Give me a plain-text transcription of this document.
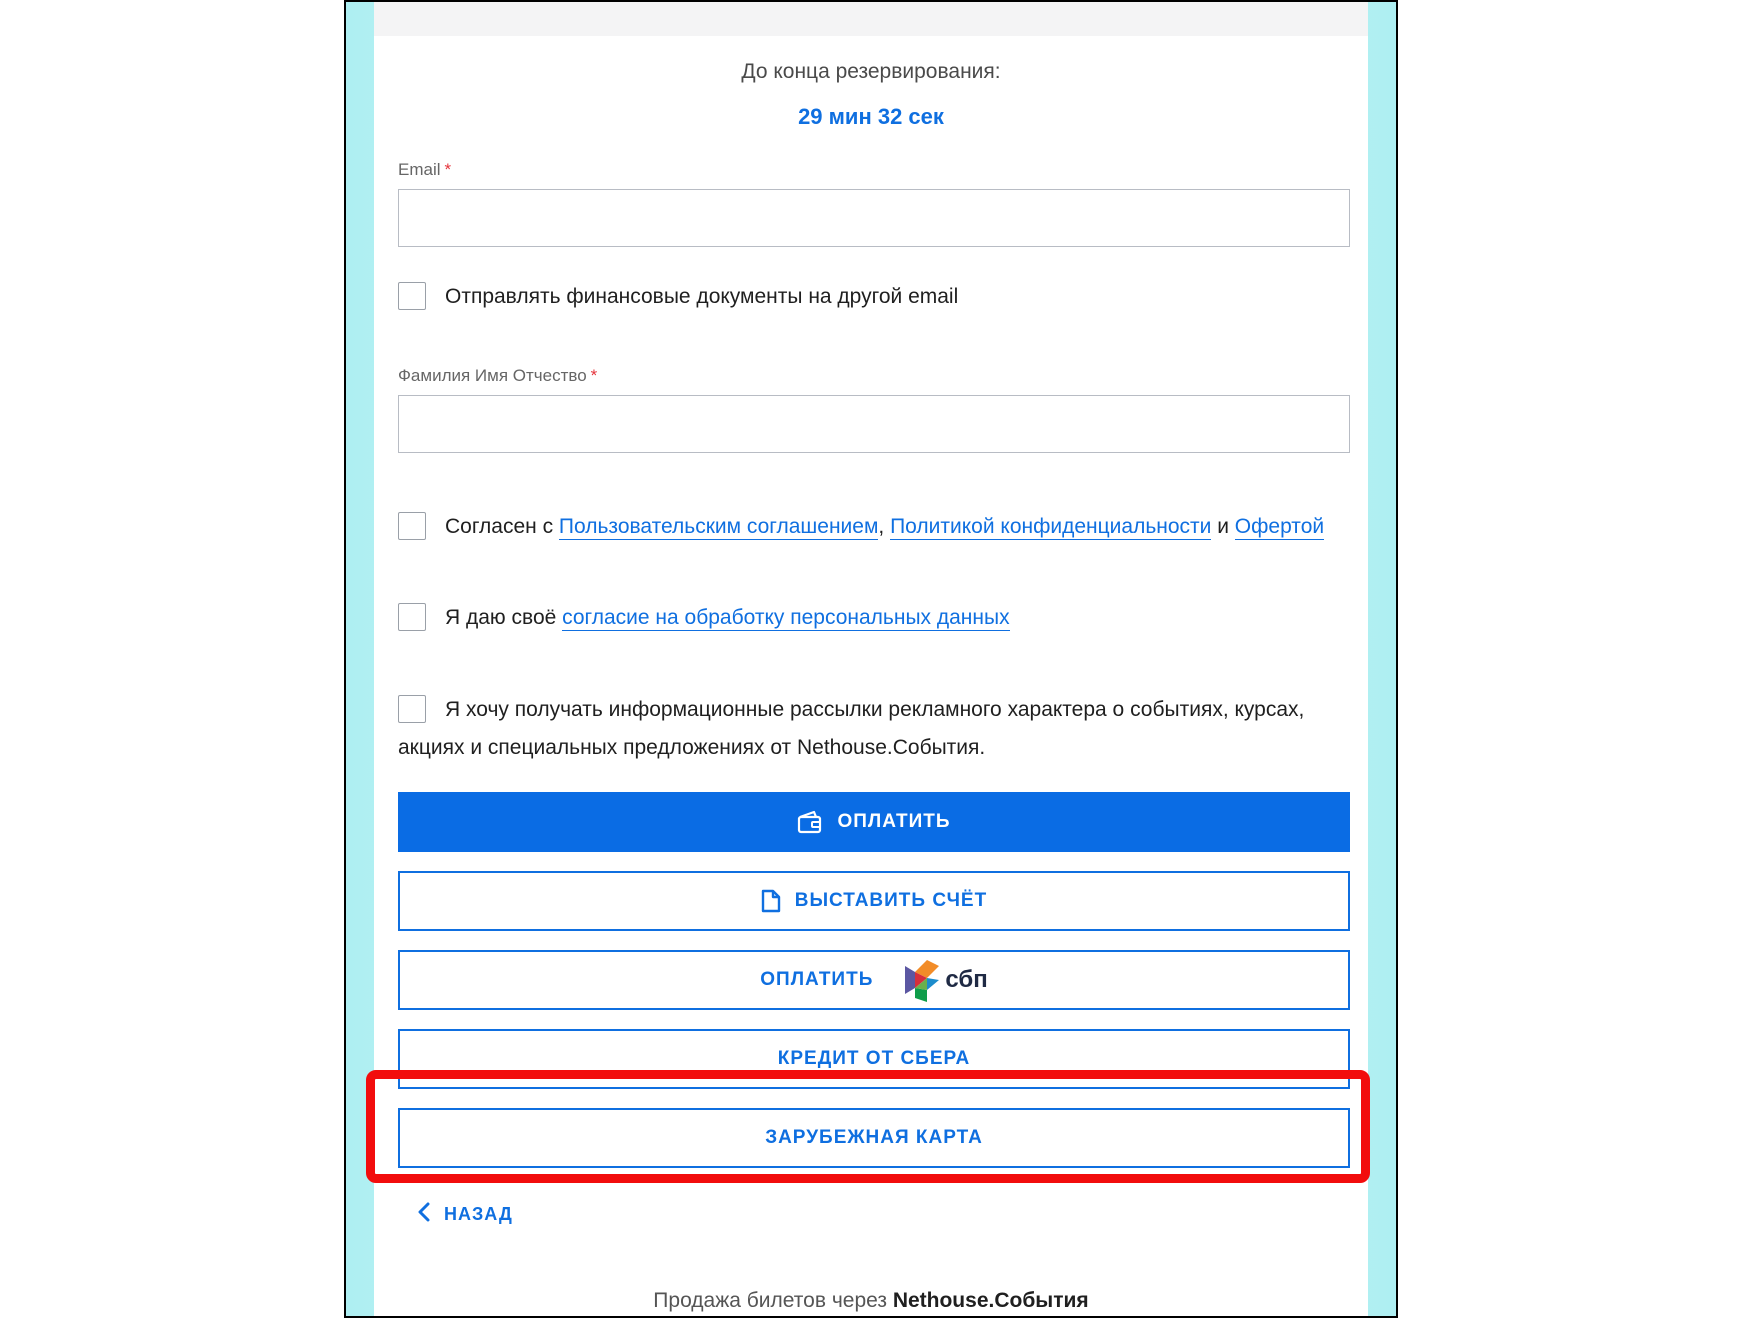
До конца резервирования:
29 мин 32 сек
Email *
Отправлять финансовые документы на другой email
Фамилия Имя Отчество *
Согласен с Пользовательским соглашением, Политикой конфиденциальности и Офертой
Я даю своё согласие на обработку персональных данных
Я хочу получать информационные рассылки рекламного характера о событиях, курсах,
акциях и специальных предложениях от Nethouse.События.
ОПЛАТИТЬ
ВЫСТАВИТЬ СЧЁТ
ОПЛАТИТЬ	сбп
КРЕДИТ ОТ СБЕРА
ЗАРУБЕЖНАЯ КАРТА
НАЗАД
Продажа билетов через Nethouse.События
